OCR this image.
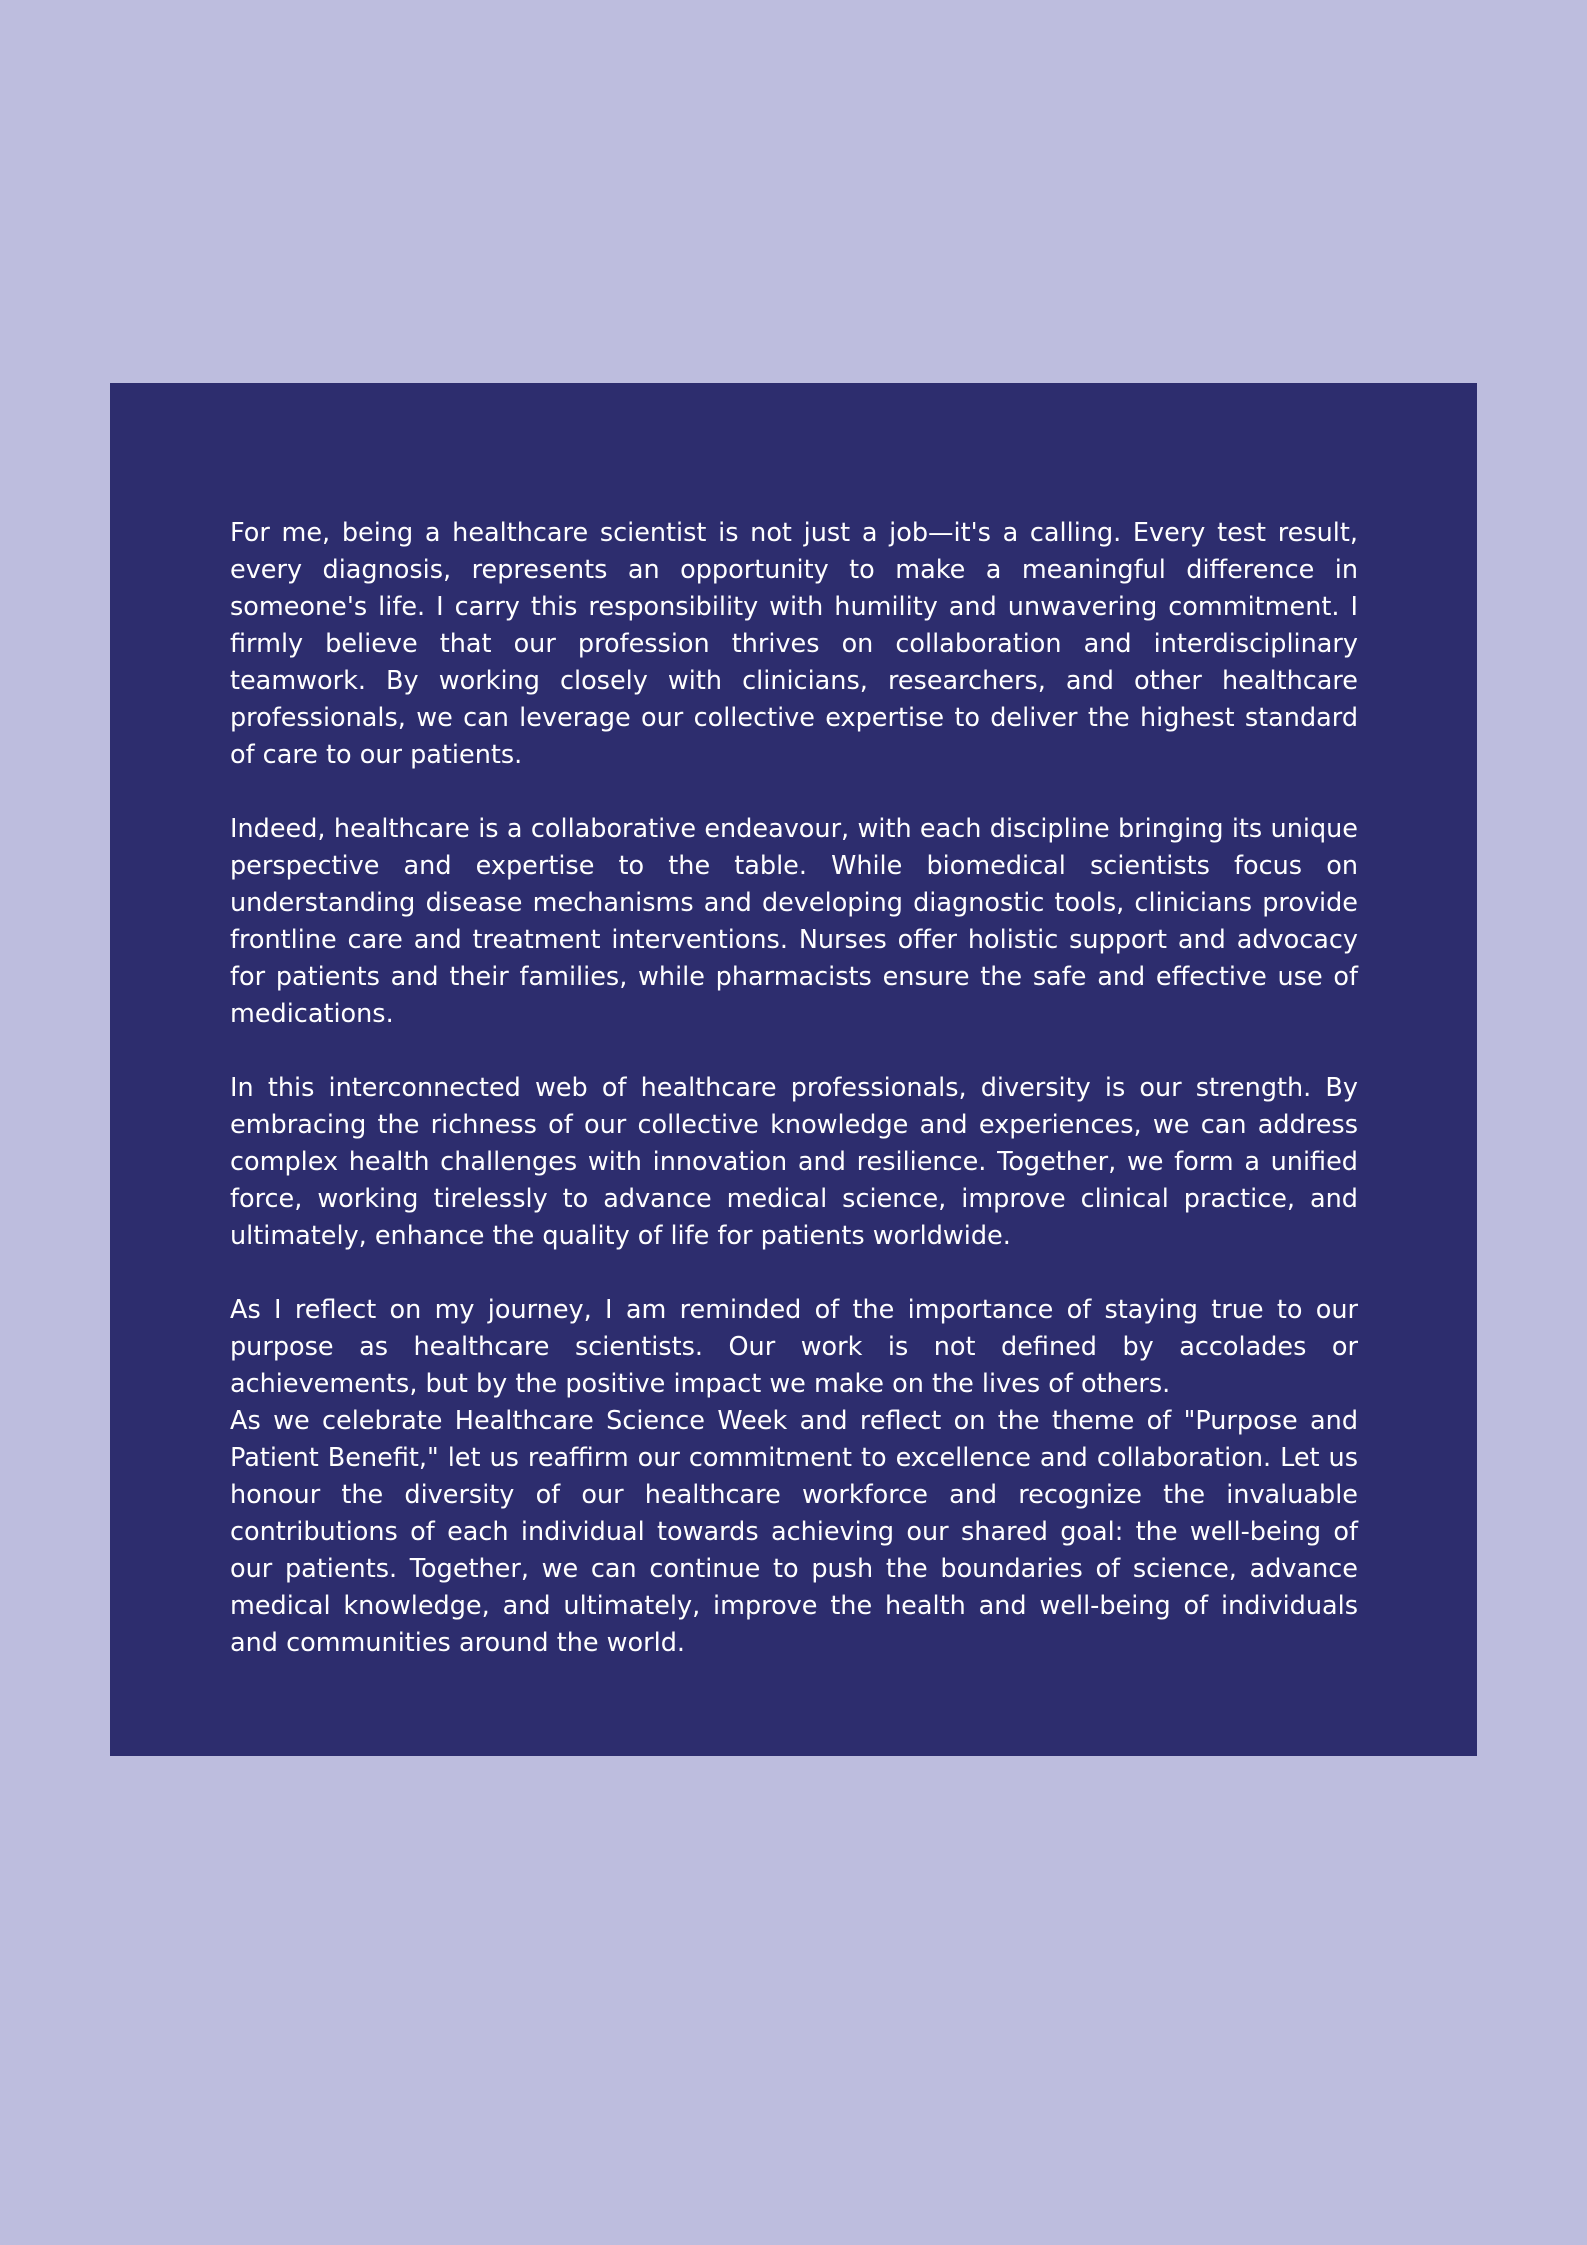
For me, being a healthcare scientist is not just a job—it's a calling. Every test result, every diagnosis, represents an opportunity to make a meaningful difference in someone's life. I carry this responsibility with humility and unwavering commitment. I firmly believe that our profession thrives on collaboration and interdisciplinary teamwork. By working closely with clinicians, researchers, and other healthcare professionals, we can leverage our collective expertise to deliver the highest standard of care to our patients.

Indeed, healthcare is a collaborative endeavour, with each discipline bringing its unique perspective and expertise to the table. While biomedical scientists focus on understanding disease mechanisms and developing diagnostic tools, clinicians provide frontline care and treatment interventions. Nurses offer holistic support and advocacy for patients and their families, while pharmacists ensure the safe and effective use of medications.

In this interconnected web of healthcare professionals, diversity is our strength. By embracing the richness of our collective knowledge and experiences, we can address complex health challenges with innovation and resilience. Together, we form a unified force, working tirelessly to advance medical science, improve clinical practice, and ultimately, enhance the quality of life for patients worldwide.

As I reflect on my journey, I am reminded of the importance of staying true to our purpose as healthcare scientists. Our work is not defined by accolades or achievements, but by the positive impact we make on the lives of others.

As we celebrate Healthcare Science Week and reflect on the theme of "Purpose and Patient Benefit," let us reaffirm our commitment to excellence and collaboration. Let us honour the diversity of our healthcare workforce and recognize the invaluable contributions of each individual towards achieving our shared goal: the well-being of our patients. Together, we can continue to push the boundaries of science, advance medical knowledge, and ultimately, improve the health and well-being of individuals and communities around the world.
